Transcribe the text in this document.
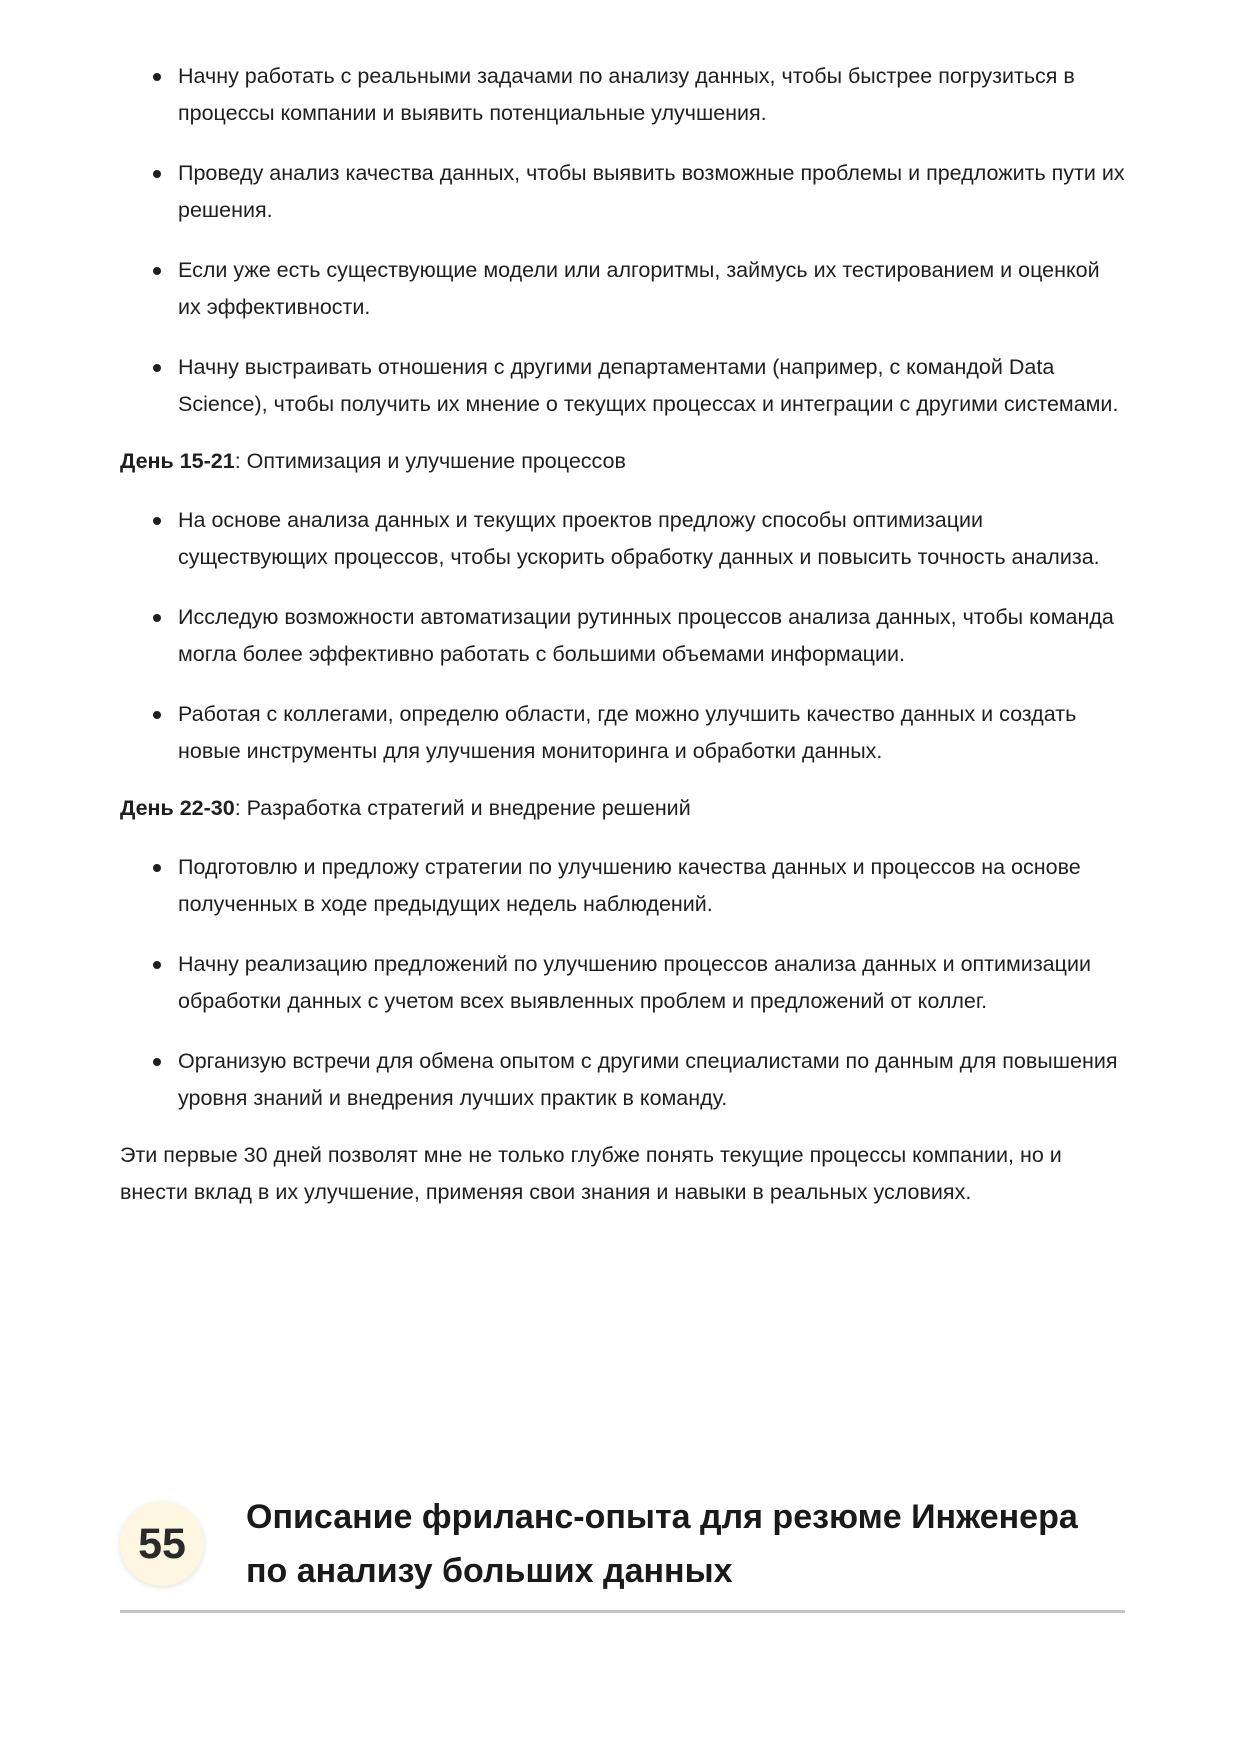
Начну работать с реальными задачами по анализу данных, чтобы быстрее погрузиться в процессы компании и выявить потенциальные улучшения.
Проведу анализ качества данных, чтобы выявить возможные проблемы и предложить пути их решения.
Если уже есть существующие модели или алгоритмы, займусь их тестированием и оценкой их эффективности.
Начну выстраивать отношения с другими департаментами (например, с командой Data Science), чтобы получить их мнение о текущих процессах и интеграции с другими системами.

День 15-21: Оптимизация и улучшение процессов

На основе анализа данных и текущих проектов предложу способы оптимизации существующих процессов, чтобы ускорить обработку данных и повысить точность анализа.
Исследую возможности автоматизации рутинных процессов анализа данных, чтобы команда могла более эффективно работать с большими объемами информации.
Работая с коллегами, определю области, где можно улучшить качество данных и создать новые инструменты для улучшения мониторинга и обработки данных.

День 22-30: Разработка стратегий и внедрение решений

Подготовлю и предложу стратегии по улучшению качества данных и процессов на основе полученных в ходе предыдущих недель наблюдений.
Начну реализацию предложений по улучшению процессов анализа данных и оптимизации обработки данных с учетом всех выявленных проблем и предложений от коллег.
Организую встречи для обмена опытом с другими специалистами по данным для повышения уровня знаний и внедрения лучших практик в команду.

Эти первые 30 дней позволят мне не только глубже понять текущие процессы компании, но и внести вклад в их улучшение, применяя свои знания и навыки в реальных условиях.

55
Описание фриланс-опыта для резюме Инженера по анализу больших данных
